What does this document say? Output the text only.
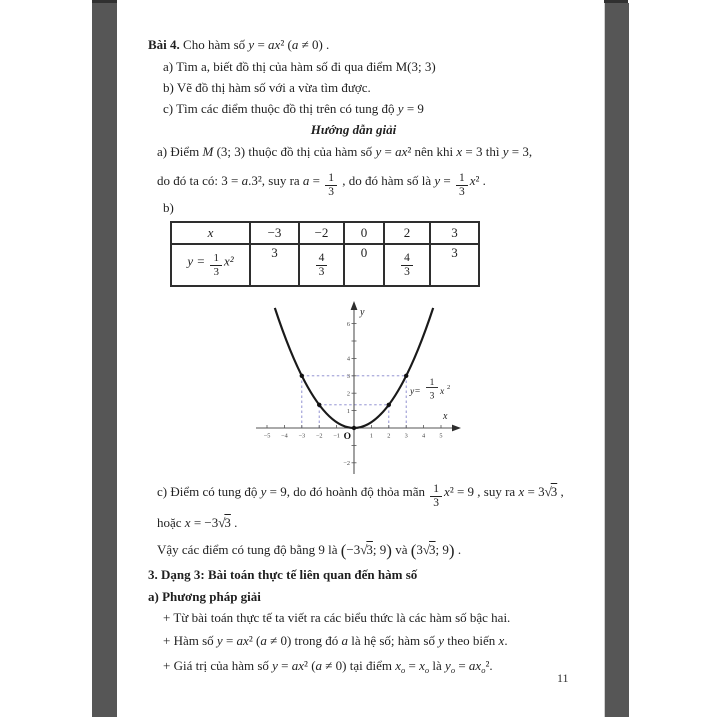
Bài 4. Cho hàm số y = ax² (a ≠ 0) .
a) Tìm a, biết đồ thị của hàm số đi qua điểm M(3; 3)
b) Vẽ đồ thị hàm số với a vừa tìm được.
c) Tìm các điểm thuộc đồ thị trên có tung độ y = 9
Hướng dẫn giải
a) Điểm M (3; 3) thuộc đồ thị của hàm số y = ax² nên khi x = 3 thì y = 3,
do đó ta có: 3 = a.3², suy ra $a = \frac{1}{3}$ , do đó hàm số là $y = \frac{1}{3} x^2$ .
b)
x	−3	−2	0	2	3
$y = \frac{1}{3} x^2$	3	$\frac{4}{3}$	0	$\frac{4}{3}$	3
−5 −4 −3 −2 −1	1 2 3 4 5
1
2
3
4
6
−2
y
x
O
y=
1
3 x 2
c) Điểm có tung độ y = 9, do đó hoành độ thỏa mãn $\frac{1}{3} x^2 = 9$ , suy ra x = 3√3 ,
hoặc x = −3√3 .
Vậy các điểm có tung độ bằng 9 là (−3√3; 9) và (3√3; 9) .
3. Dạng 3: Bài toán thực tế liên quan đến hàm số
a) Phương pháp giải
+ Từ bài toán thực tế ta viết ra các biểu thức là các hàm số bậc hai.
+ Hàm số y = ax² (a ≠ 0) trong đó a là hệ số; hàm số y theo biến x.
+ Giá trị của hàm số y = ax² (a ≠ 0) tại điểm $x_o = x_o$ là $y_o = ax_o^2$.
11
